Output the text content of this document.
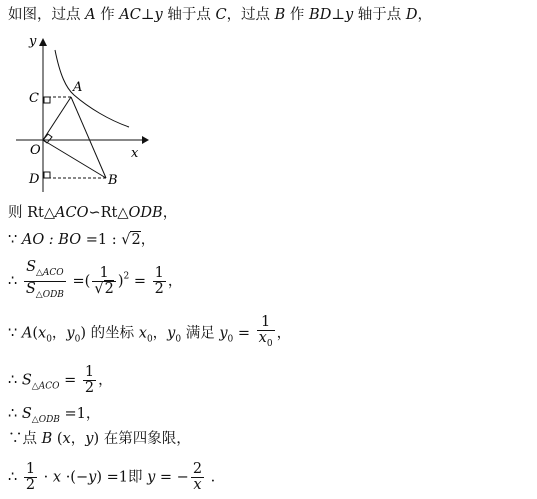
如图，过点 A 作 AC⊥y 轴于点 C，过点 B 作 BD⊥y 轴于点 D，
y
x
O
A
B
C
D
则 Rt△ACO∽Rt△ODB，
∵ AO : BO =1 : √2，
∴ $\frac{S_{\triangle ACO}}{S_{\triangle ODB}}$ =( $\frac{1}{√2} )^2 = \frac{1}{2}$ ，
∵ $A(x_0$，$y_0$) 的坐标 $x_0$，$y_0$ 满足 $y_0 = \frac{1}{x_0}$ ，
∴ $S_{\triangle ACO} = \frac{1}{2}$ ，
∴ $S_{\triangle ODB} =1$，
∵点 B (x，y) 在第四象限，
∴ $\frac{1}{2} \cdot x \cdot(-y) =1$即 y = − $\frac{2}{x}$ .
